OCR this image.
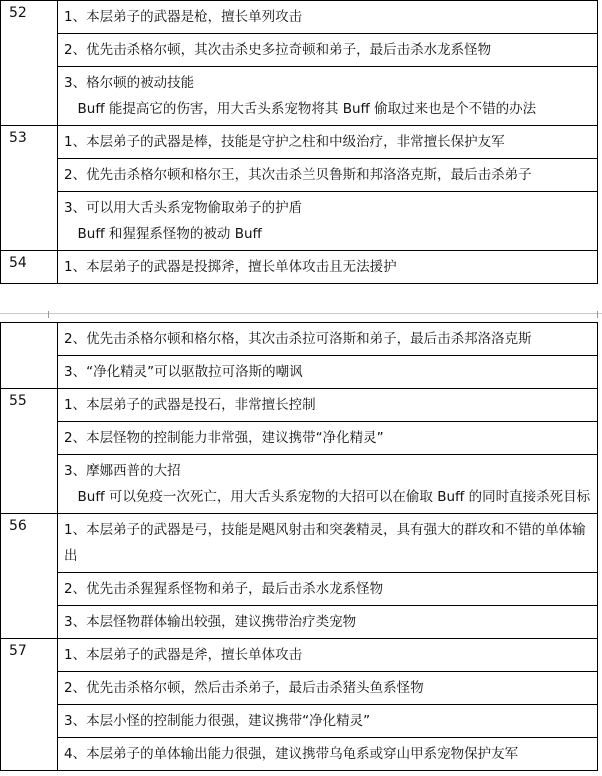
52	1、本层弟子的武器是枪，擅长单列攻击
	2、优先击杀格尔顿，其次击杀史多拉奇顿和弟子，最后击杀水龙系怪物
	3、格尔顿的被动技能
　Buff 能提高它的伤害，用大舌头系宠物将其 Buff 偷取过来也是个不错的办法
53	1、本层弟子的武器是棒，技能是守护之柱和中级治疗，非常擅长保护友军
	2、优先击杀格尔顿和格尔王，其次击杀兰贝鲁斯和邦洛洛克斯，最后击杀弟子
	3、可以用大舌头系宠物偷取弟子的护盾
　Buff 和猩猩系怪物的被动 Buff
54	1、本层弟子的武器是投掷斧，擅长单体攻击且无法援护
	2、优先击杀格尔顿和格尔格，其次击杀拉可洛斯和弟子，最后击杀邦洛洛克斯
	3、“净化精灵”可以驱散拉可洛斯的嘲讽
55	1、本层弟子的武器是投石，非常擅长控制
	2、本层怪物的控制能力非常强，建议携带“净化精灵”
	3、摩娜西普的大招
　Buff 可以免疫一次死亡，用大舌头系宠物的大招可以在偷取 Buff 的同时直接杀死目标
56	1、本层弟子的武器是弓，技能是飓风射击和突袭精灵，具有强大的群攻和不错的单体输出
	2、优先击杀猩猩系怪物和弟子，最后击杀水龙系怪物
	3、本层怪物群体输出较强，建议携带治疗类宠物
57	1、本层弟子的武器是斧，擅长单体攻击
	2、优先击杀格尔顿，然后击杀弟子，最后击杀猪头鱼系怪物
	3、本层小怪的控制能力很强，建议携带“净化精灵”
	4、本层弟子的单体输出能力很强，建议携带乌龟系或穿山甲系宠物保护友军
